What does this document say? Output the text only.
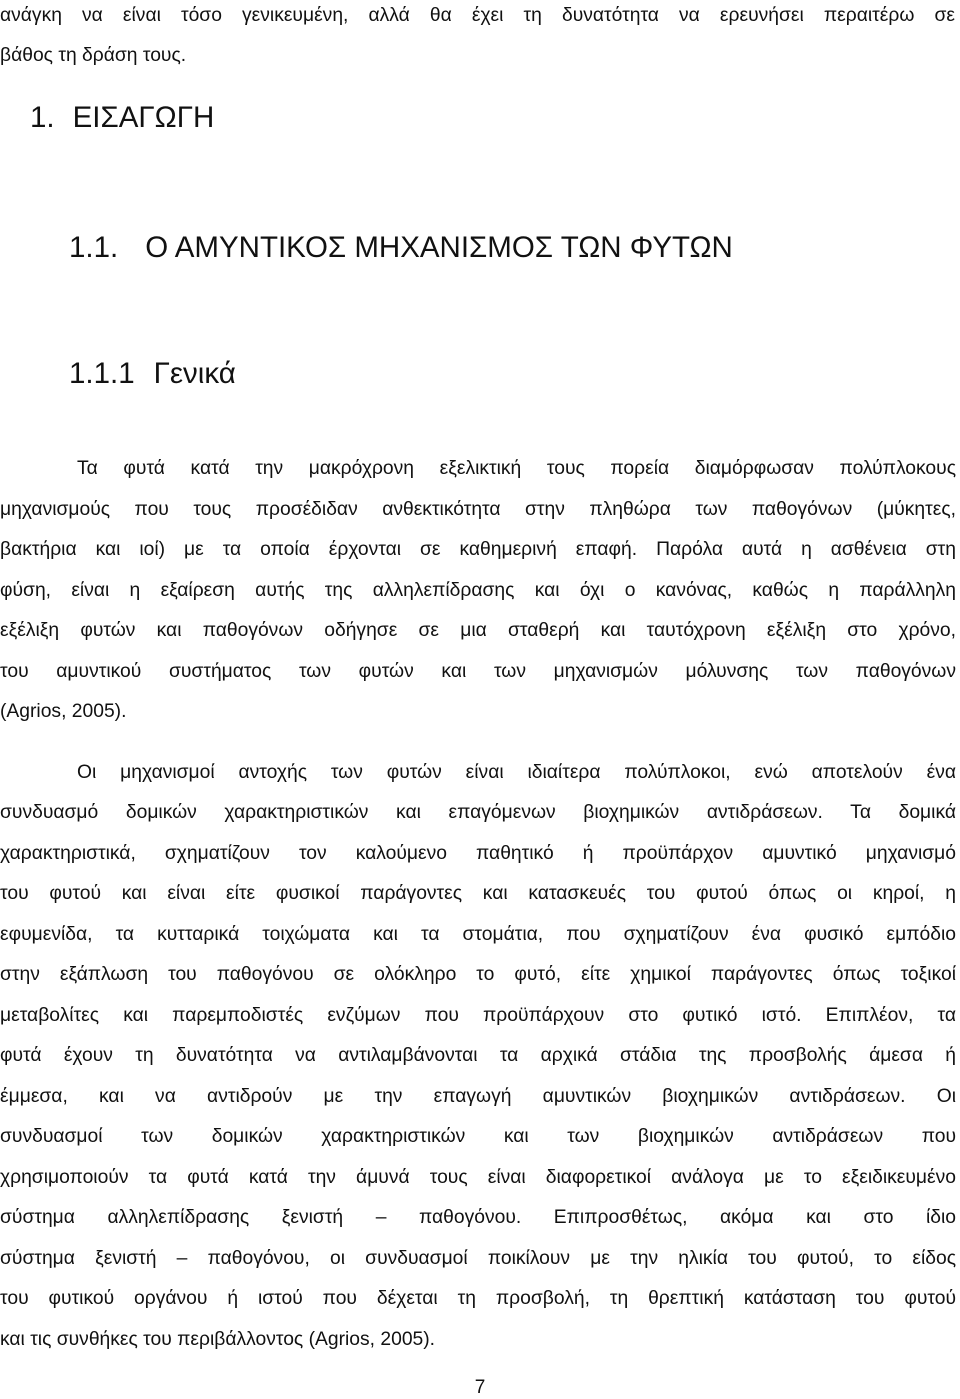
ανάγκη να είναι τόσο γενικευμένη, αλλά θα έχει τη δυνατότητα να ερευνήσει περαιτέρω σε
βάθος τη δράση τους.
1. ΕΙΣΑΓΩΓΗ
1.1. Ο ΑΜΥΝΤΙΚΟΣ ΜΗΧΑΝΙΣΜΟΣ ΤΩΝ ΦΥΤΩΝ
1.1.1 Γενικά
Τα φυτά κατά την μακρόχρονη εξελικτική τους πορεία διαμόρφωσαν πολύπλοκους
μηχανισμούς που τους προσέδιδαν ανθεκτικότητα στην πληθώρα των παθογόνων (μύκητες,
βακτήρια και ιοί) με τα οποία έρχονται σε καθημερινή επαφή. Παρόλα αυτά η ασθένεια στη
φύση, είναι η εξαίρεση αυτής της αλληλεπίδρασης και όχι ο κανόνας, καθώς η παράλληλη
εξέλιξη φυτών και παθογόνων οδήγησε σε μια σταθερή και ταυτόχρονη εξέλιξη στο χρόνο,
του αμυντικού συστήματος των φυτών και των μηχανισμών μόλυνσης των παθογόνων
(Agrios, 2005).
Οι μηχανισμοί αντοχής των φυτών είναι ιδιαίτερα πολύπλοκοι, ενώ αποτελούν ένα
συνδυασμό δομικών χαρακτηριστικών και επαγόμενων βιοχημικών αντιδράσεων. Τα δομικά
χαρακτηριστικά, σχηματίζουν τον καλούμενο παθητικό ή προϋπάρχον αμυντικό μηχανισμό
του φυτού και είναι είτε φυσικοί παράγοντες και κατασκευές του φυτού όπως οι κηροί, η
εφυμενίδα, τα κυτταρικά τοιχώματα και τα στομάτια, που σχηματίζουν ένα φυσικό εμπόδιο
στην εξάπλωση του παθογόνου σε ολόκληρο το φυτό, είτε χημικοί παράγοντες όπως τοξικοί
μεταβολίτες και παρεμποδιστές ενζύμων που προϋπάρχουν στο φυτικό ιστό. Επιπλέον, τα
φυτά έχουν τη δυνατότητα να αντιλαμβάνονται τα αρχικά στάδια της προσβολής άμεσα ή
έμμεσα, και να αντιδρούν με την επαγωγή αμυντικών βιοχημικών αντιδράσεων. Οι
συνδυασμοί των δομικών χαρακτηριστικών και των βιοχημικών αντιδράσεων που
χρησιμοποιούν τα φυτά κατά την άμυνά τους είναι διαφορετικοί ανάλογα με το εξειδικευμένο
σύστημα αλληλεπίδρασης ξενιστή – παθογόνου. Επιπροσθέτως, ακόμα και στο ίδιο
σύστημα ξενιστή – παθογόνου, οι συνδυασμοί ποικίλουν με την ηλικία του φυτού, το είδος
του φυτικού οργάνου ή ιστού που δέχεται τη προσβολή, τη θρεπτική κατάσταση του φυτού
και τις συνθήκες του περιβάλλοντος (Agrios, 2005).
7
